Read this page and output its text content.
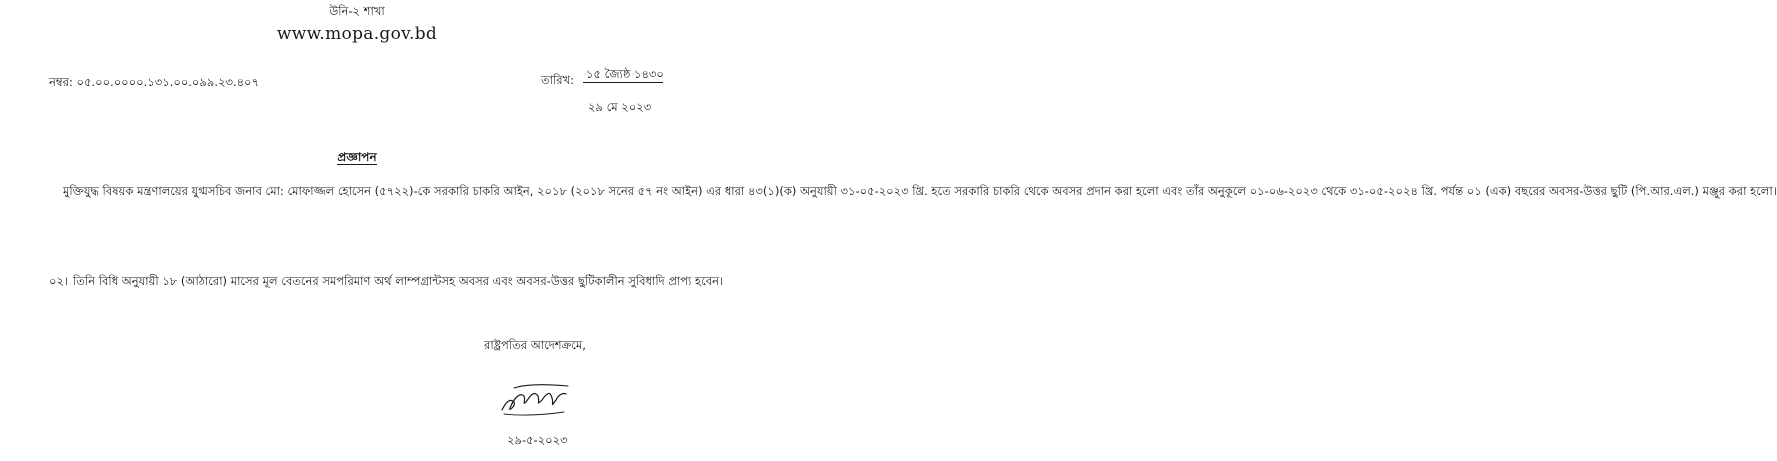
উনি-২ শাখা
www.mopa.gov.bd
নম্বর: ০৫.০০.০০০০.১৩১.০০.০৯৯.২৩.৪০৭	তারিখ: ১৫ জ্যৈষ্ঠ ১৪৩০
২৯ মে ২০২৩
প্রজ্ঞাপন
মুক্তিযুদ্ধ বিষয়ক মন্ত্রণালয়ের যুগ্মসচিব জনাব মো: মোফাজ্জল হোসেন (৫৭২২)-কে সরকারি চাকরি আইন, ২০১৮ (২০১৮ সনের ৫৭ নং আইন) এর ধারা ৪৩(১)(ক) অনুযায়ী ৩১-০৫-২০২৩ খ্রি. হতে সরকারি চাকরি থেকে অবসর প্রদান করা হলো এবং তাঁর অনুকূলে ০১-০৬-২০২৩ থেকে ৩১-০৫-২০২৪ খ্রি. পর্যন্ত ০১ (এক) বছরের অবসর-উত্তর ছুটি (পি.আর.এল.) মঞ্জুর করা হলো।
০২। তিনি বিধি অনুযায়ী ১৮ (আঠারো) মাসের মূল বেতনের সমপরিমাণ অর্থ লাম্পগ্রান্টসহ অবসর এবং অবসর-উত্তর ছুটিকালীন সুবিধাদি প্রাপ্য হবেন।
রাষ্ট্রপতির আদেশক্রমে,
২৯-৫-২০২৩
